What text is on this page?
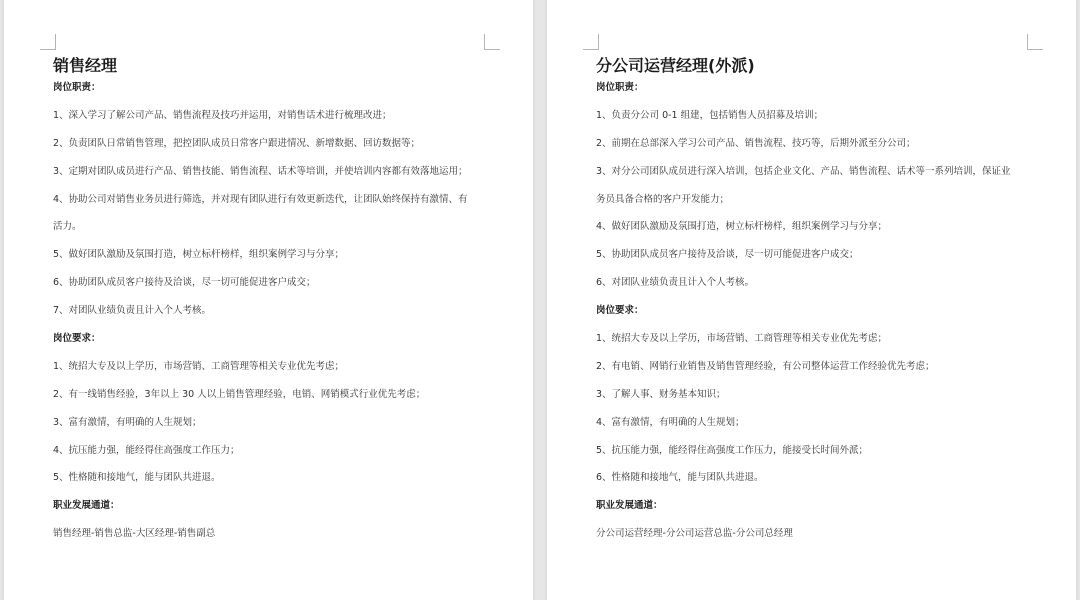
销售经理
岗位职责：
1、深入学习了解公司产品、销售流程及技巧并运用，对销售话术进行梳理改进；
2、负责团队日常销售管理，把控团队成员日常客户跟进情况、新增数据、回访数据等；
3、定期对团队成员进行产品、销售技能、销售流程、话术等培训，并使培训内容都有效落地运用；
4、协助公司对销售业务员进行筛选，并对现有团队进行有效更新迭代，让团队始终保持有激情、有
活力。
5、做好团队激励及氛围打造，树立标杆榜样，组织案例学习与分享；
6、协助团队成员客户接待及洽谈，尽一切可能促进客户成交；
7、对团队业绩负责且计入个人考核。
岗位要求：
1、统招大专及以上学历，市场营销、工商管理等相关专业优先考虑；
2、有一线销售经验，3年以上 30 人以上销售管理经验，电销、网销模式行业优先考虑；
3、富有激情，有明确的人生规划；
4、抗压能力强，能经得住高强度工作压力；
5、性格随和接地气，能与团队共进退。
职业发展通道：
销售经理-销售总监-大区经理-销售副总
分公司运营经理(外派)
岗位职责：
1、负责分公司 0-1 组建，包括销售人员招募及培训；
2、前期在总部深入学习公司产品、销售流程、技巧等，后期外派至分公司；
3、对分公司团队成员进行深入培训，包括企业文化、产品、销售流程、话术等一系列培训，保证业
务员具备合格的客户开发能力；
4、做好团队激励及氛围打造，树立标杆榜样，组织案例学习与分享；
5、协助团队成员客户接待及洽谈，尽一切可能促进客户成交；
6、对团队业绩负责且计入个人考核。
岗位要求：
1、统招大专及以上学历，市场营销、工商管理等相关专业优先考虑；
2、有电销、网销行业销售及销售管理经验，有公司整体运营工作经验优先考虑；
3、了解人事、财务基本知识；
4、富有激情，有明确的人生规划；
5、抗压能力强，能经得住高强度工作压力，能接受长时间外派；
6、性格随和接地气，能与团队共进退。
职业发展通道：
分公司运营经理-分公司运营总监-分公司总经理
